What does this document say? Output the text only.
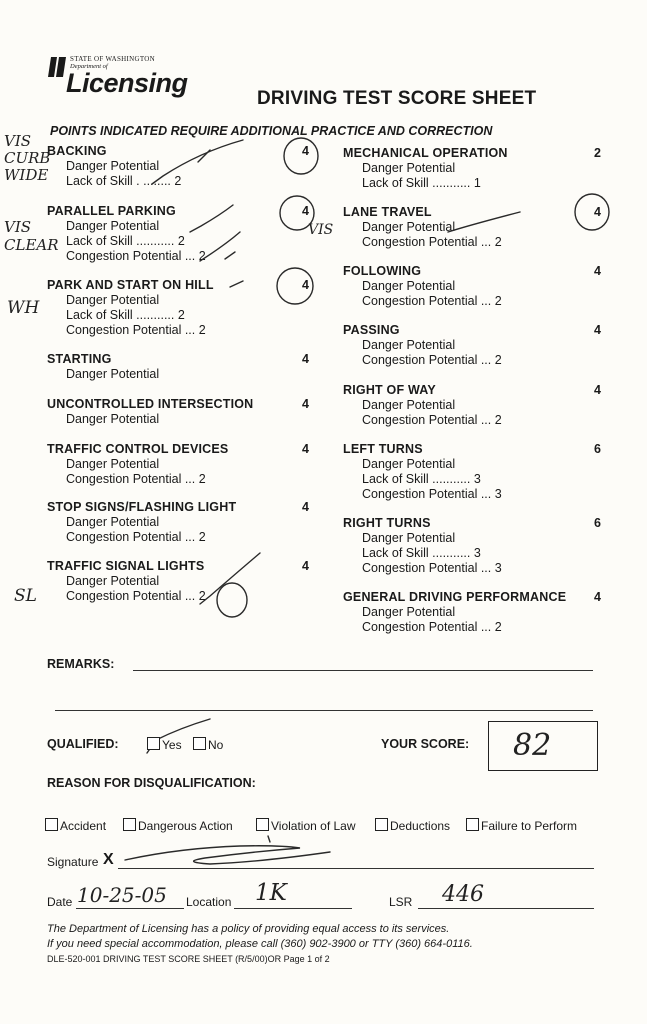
STATE OF WASHINGTON
Department of
Licensing
DRIVING TEST SCORE SHEET
POINTS INDICATED REQUIRE ADDITIONAL PRACTICE AND CORRECTION
BACKING	4
Danger Potential
Lack of Skill . ........ 2
PARALLEL PARKING	4
Danger Potential
Lack of Skill ........... 2
Congestion Potential ... 2
PARK AND START ON HILL	4
Danger Potential
Lack of Skill ........... 2
Congestion Potential ... 2
STARTING	4
Danger Potential
UNCONTROLLED INTERSECTION	4
Danger Potential
TRAFFIC CONTROL DEVICES	4
Danger Potential
Congestion Potential ... 2
STOP SIGNS/FLASHING LIGHT	4
Danger Potential
Congestion Potential ... 2
TRAFFIC SIGNAL LIGHTS	4
Danger Potential
Congestion Potential ... 2
MECHANICAL OPERATION	2
Danger Potential
Lack of Skill ........... 1
LANE TRAVEL	4
Danger Potential
Congestion Potential ... 2
FOLLOWING	4
Danger Potential
Congestion Potential ... 2
PASSING	4
Danger Potential
Congestion Potential ... 2
RIGHT OF WAY	4
Danger Potential
Congestion Potential ... 2
LEFT TURNS	6
Danger Potential
Lack of Skill ........... 3
Congestion Potential ... 3
RIGHT TURNS	6
Danger Potential
Lack of Skill ........... 3
Congestion Potential ... 3
GENERAL DRIVING PERFORMANCE	4
Danger Potential
Congestion Potential ... 2
VIS CURB WIDE
VIS CLEAR
WH
VIS
SL
REMARKS:
QUALIFIED:	Yes	No	YOUR SCORE: 82
REASON FOR DISQUALIFICATION:
Accident	Dangerous Action	Violation of Law	Deductions	Failure to Perform
Signature X
Date 10-25-05 Location 1K	LSR 446
The Department of Licensing has a policy of providing equal access to its services.
If you need special accommodation, please call (360) 902-3900 or TTY (360) 664-0116.
DLE-520-001 DRIVING TEST SCORE SHEET (R/5/00)OR Page 1 of 2
